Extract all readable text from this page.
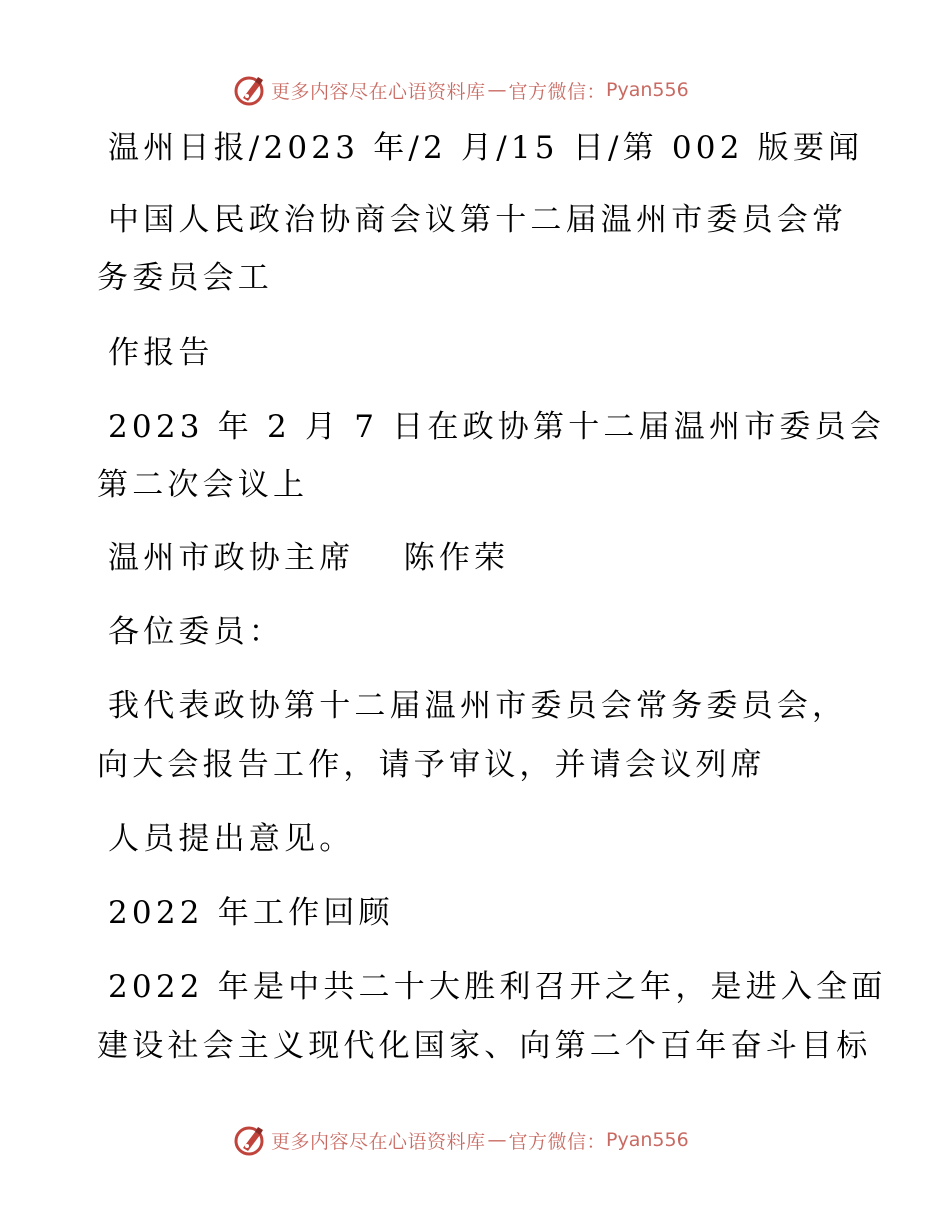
更多内容尽在心语资料库 — 官方微信： Pyan556
温州日报/2023 年/2 月/15 日/第 002 版要闻
中国人民政治协商会议第十二届温州市委员会常
务委员会工
作报告
2023 年 2 月 7 日在政协第十二届温州市委员会
第二次会议上
温州市政协主席　 陈作荣
各位委员：
我代表政协第十二届温州市委员会常务委员会，
向大会报告工作，请予审议，并请会议列席
人员提出意见。
2022 年工作回顾
2022 年是中共二十大胜利召开之年，是进入全面
建设社会主义现代化国家、向第二个百年奋斗目标
更多内容尽在心语资料库 — 官方微信： Pyan556
